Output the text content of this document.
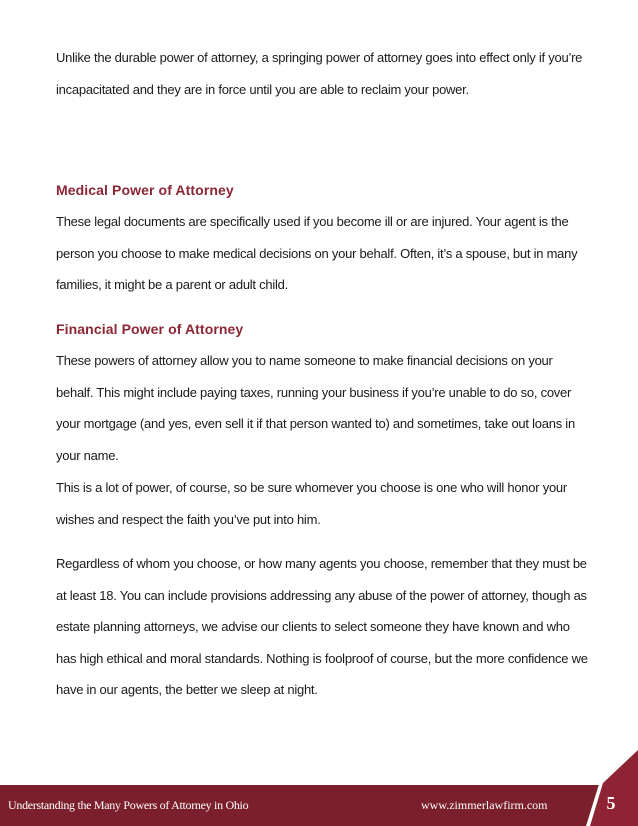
Unlike the durable power of attorney, a springing power of attorney goes into effect only if you’re incapacitated and they are in force until you are able to reclaim your power.

Medical Power of Attorney

These legal documents are specifically used if you become ill or are injured. Your agent is the person you choose to make medical decisions on your behalf. Often, it’s a spouse, but in many families, it might be a parent or adult child.

Financial Power of Attorney

These powers of attorney allow you to name someone to make financial decisions on your behalf. This might include paying taxes, running your business if you’re unable to do so, cover your mortgage (and yes, even sell it if that person wanted to) and sometimes, take out loans in your name.

This is a lot of power, of course, so be sure whomever you choose is one who will honor your wishes and respect the faith you’ve put into him.

Regardless of whom you choose, or how many agents you choose, remember that they must be at least 18. You can include provisions addressing any abuse of the power of attorney, though as estate planning attorneys, we advise our clients to select someone they have known and who has high ethical and moral standards. Nothing is foolproof of course, but the more confidence we have in our agents, the better we sleep at night.

Understanding the Many Powers of Attorney in Ohio	www.zimmerlawfirm.com	5
